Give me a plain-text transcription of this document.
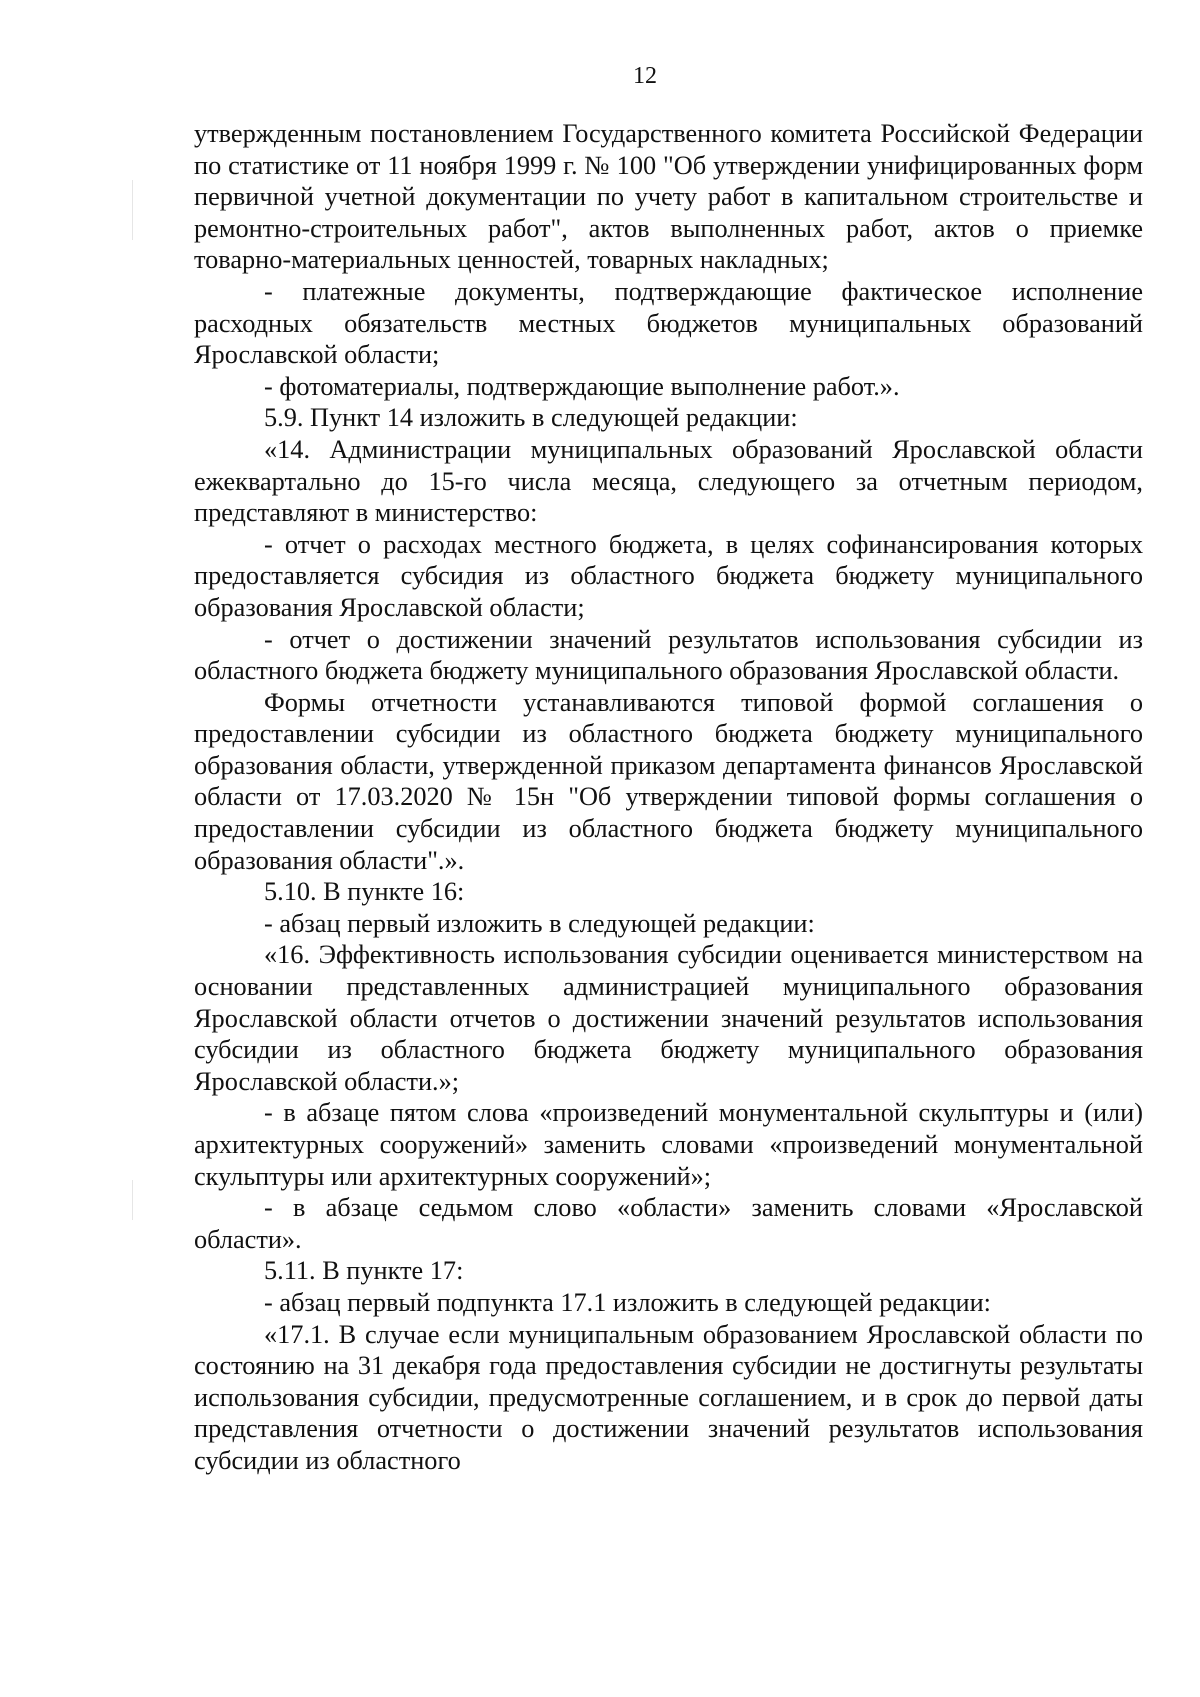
12

утвержденным постановлением Государственного комитета Российской Федерации по статистике от 11 ноября 1999 г. № 100 "Об утверждении унифицированных форм первичной учетной документации по учету работ в капитальном строительстве и ремонтно-строительных работ", актов выполненных работ, актов о приемке товарно-материальных ценностей, товарных накладных;

- платежные документы, подтверждающие фактическое исполнение расходных обязательств местных бюджетов муниципальных образований Ярославской области;

- фотоматериалы, подтверждающие выполнение работ.».

5.9. Пункт 14 изложить в следующей редакции:

«14. Администрации муниципальных образований Ярославской области ежеквартально до 15-го числа месяца, следующего за отчетным периодом, представляют в министерство:

- отчет о расходах местного бюджета, в целях софинансирования которых предоставляется субсидия из областного бюджета бюджету муниципального образования Ярославской области;

- отчет о достижении значений результатов использования субсидии из областного бюджета бюджету муниципального образования Ярославской области.

Формы отчетности устанавливаются типовой формой соглашения о предоставлении субсидии из областного бюджета бюджету муниципального образования области, утвержденной приказом департамента финансов Ярославской области от 17.03.2020 № 15н "Об утверждении типовой формы соглашения о предоставлении субсидии из областного бюджета бюджету муниципального образования области".».

5.10. В пункте 16:

- абзац первый изложить в следующей редакции:

«16. Эффективность использования субсидии оценивается министерством на основании представленных администрацией муниципального образования Ярославской области отчетов о достижении значений результатов использования субсидии из областного бюджета бюджету муниципального образования Ярославской области.»;

- в абзаце пятом слова «произведений монументальной скульптуры и (или) архитектурных сооружений» заменить словами «произведений монументальной скульптуры или архитектурных сооружений»;

- в абзаце седьмом слово «области» заменить словами «Ярославской области».

5.11. В пункте 17:

- абзац первый подпункта 17.1 изложить в следующей редакции:

«17.1. В случае если муниципальным образованием Ярославской области по состоянию на 31 декабря года предоставления субсидии не достигнуты результаты использования субсидии, предусмотренные соглашением, и в срок до первой даты представления отчетности о достижении значений результатов использования субсидии из областного
